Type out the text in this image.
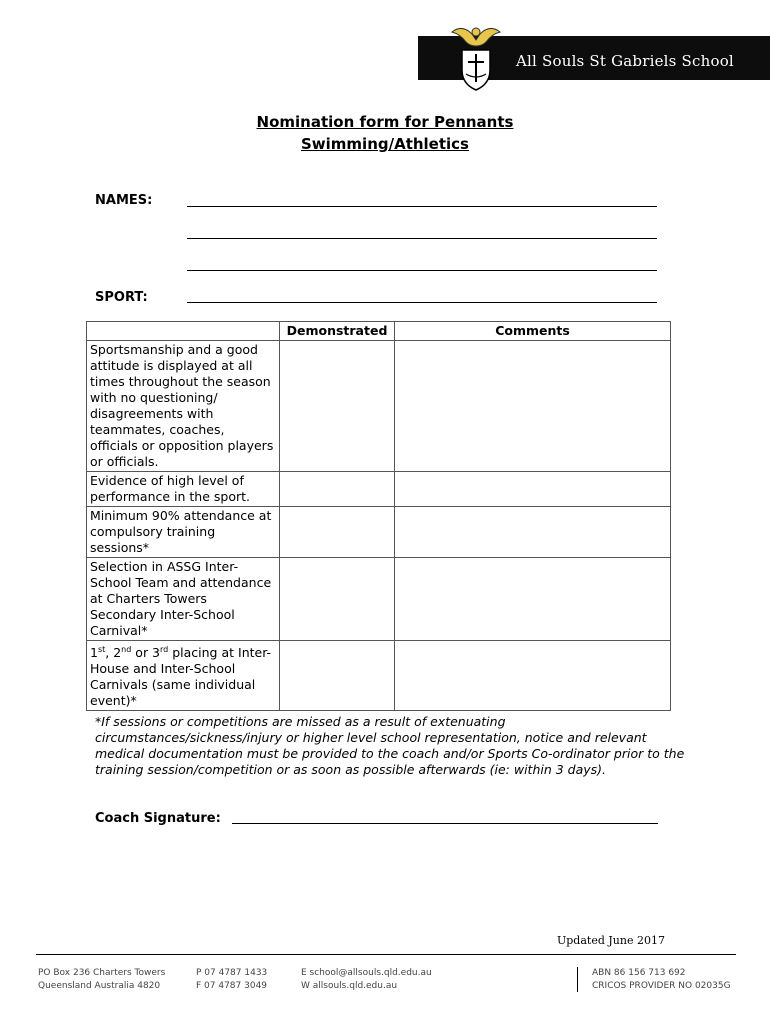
All Souls St Gabriels School
Nomination form for Pennants
Swimming/Athletics
NAMES:
SPORT:
	Demonstrated	Comments
Sportsmanship and a good attitude is displayed at all times throughout the season with no questioning/ disagreements with teammates, coaches, officials or opposition players or officials.		
Evidence of high level of performance in the sport.		
Minimum 90% attendance at compulsory training sessions*		
Selection in ASSG Inter-School Team and attendance at Charters Towers Secondary Inter-School Carnival*		
1st, 2nd or 3rd placing at Inter-House and Inter-School Carnivals (same individual event)*		
*If sessions or competitions are missed as a result of extenuating circumstances/sickness/injury or higher level school representation, notice and relevant medical documentation must be provided to the coach and/or Sports Co-ordinator prior to the training session/competition or as soon as possible afterwards (ie: within 3 days).
Coach Signature:
Updated June 2017
PO Box 236 Charters Towers
Queensland Australia 4820
P 07 4787 1433
F 07 4787 3049
E school@allsouls.qld.edu.au
W allsouls.qld.edu.au
ABN 86 156 713 692
CRICOS PROVIDER NO 02035G
